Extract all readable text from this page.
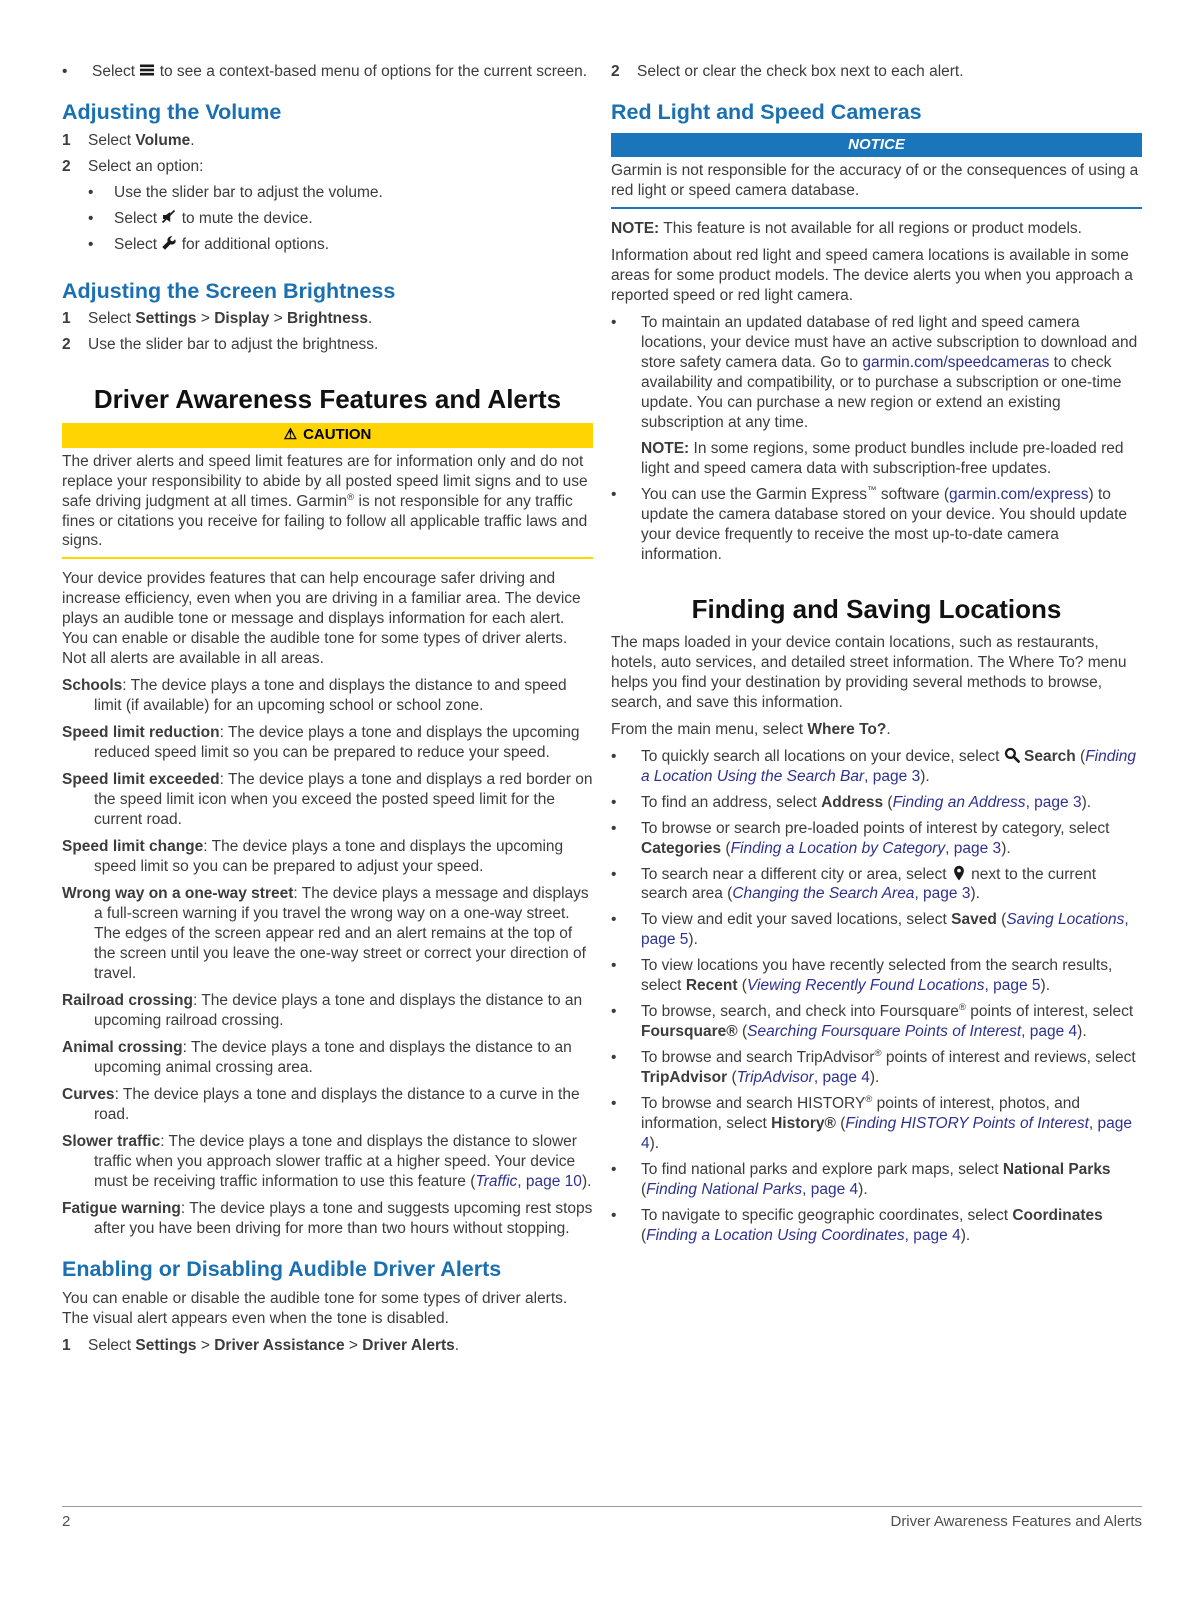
•	Select
to see a context-based menu of options for the current screen.

Adjusting the Volume
1	Select Volume.

2	Select an option:

•	Use the slider bar to adjust the volume.

•	Select
to mute the device.

•	Select
for additional options.

Adjusting the Screen Brightness
1	Select Settings > Display > Brightness.

2	Use the slider bar to adjust the brightness.

Driver Awareness Features and Alerts
⚠ CAUTION

The driver alerts and speed limit features are for information only and do not replace your responsibility to abide by all posted speed limit signs and to use safe driving judgment at all times. Garmin® is not responsible for any traffic fines or citations you receive for failing to follow all applicable traffic laws and signs.

Your device provides features that can help encourage safer driving and increase efficiency, even when you are driving in a familiar area. The device plays an audible tone or message and displays information for each alert. You can enable or disable the audible tone for some types of driver alerts. Not all alerts are available in all areas.

Schools: The device plays a tone and displays the distance to and speed limit (if available) for an upcoming school or school zone.

Speed limit reduction: The device plays a tone and displays the upcoming reduced speed limit so you can be prepared to reduce your speed.

Speed limit exceeded: The device plays a tone and displays a red border on the speed limit icon when you exceed the posted speed limit for the current road.

Speed limit change: The device plays a tone and displays the upcoming speed limit so you can be prepared to adjust your speed.

Wrong way on a one-way street: The device plays a message and displays a full-screen warning if you travel the wrong way on a one-way street. The edges of the screen appear red and an alert remains at the top of the screen until you leave the one-way street or correct your direction of travel.

Railroad crossing: The device plays a tone and displays the distance to an upcoming railroad crossing.

Animal crossing: The device plays a tone and displays the distance to an upcoming animal crossing area.

Curves: The device plays a tone and displays the distance to a curve in the road.

Slower traffic: The device plays a tone and displays the distance to slower traffic when you approach slower traffic at a higher speed. Your device must be receiving traffic information to use this feature (Traffic, page 10).

Fatigue warning: The device plays a tone and suggests upcoming rest stops after you have been driving for more than two hours without stopping.

Enabling or Disabling Audible Driver Alerts

You can enable or disable the audible tone for some types of driver alerts. The visual alert appears even when the tone is disabled.

1	Select Settings > Driver Assistance > Driver Alerts.

2	Select or clear the check box next to each alert.

Red Light and Speed Cameras
NOTICE

Garmin is not responsible for the accuracy of or the consequences of using a red light or speed camera database.

NOTE: This feature is not available for all regions or product models.

Information about red light and speed camera locations is available in some areas for some product models. The device alerts you when you approach a reported speed or red light camera.

•	To maintain an updated database of red light and speed camera locations, your device must have an active subscription to download and store safety camera data. Go to garmin.com/speedcameras to check availability and compatibility, or to purchase a subscription or one-time update. You can purchase a new region or extend an existing subscription at any time.

NOTE: In some regions, some product bundles include pre-loaded red light and speed camera data with subscription-free updates.

•	You can use the Garmin Express™ software (garmin.com/express) to update the camera database stored on your device. You should update your device frequently to receive the most up-to-date camera information.

Finding and Saving Locations

The maps loaded in your device contain locations, such as restaurants, hotels, auto services, and detailed street information. The Where To? menu helps you find your destination by providing several methods to browse, search, and save this information.

From the main menu, select Where To?.

•	To quickly search all locations on your device, select
Search (Finding a Location Using the Search Bar, page 3).

•	To find an address, select Address (Finding an Address, page 3).

•	To browse or search pre-loaded points of interest by category, select Categories (Finding a Location by Category, page 3).

•	To search near a different city or area, select
next to the current search area (Changing the Search Area, page 3).

•	To view and edit your saved locations, select Saved (Saving Locations, page 5).

•	To view locations you have recently selected from the search results, select Recent (Viewing Recently Found Locations, page 5).

•	To browse, search, and check into Foursquare® points of interest, select Foursquare® (Searching Foursquare Points of Interest, page 4).

•	To browse and search TripAdvisor® points of interest and reviews, select TripAdvisor (TripAdvisor, page 4).

•	To browse and search HISTORY® points of interest, photos, and information, select History® (Finding HISTORY Points of Interest, page 4).

•	To find national parks and explore park maps, select National Parks (Finding National Parks, page 4).

•	To navigate to specific geographic coordinates, select Coordinates (Finding a Location Using Coordinates, page 4).

2	Driver Awareness Features and Alerts
